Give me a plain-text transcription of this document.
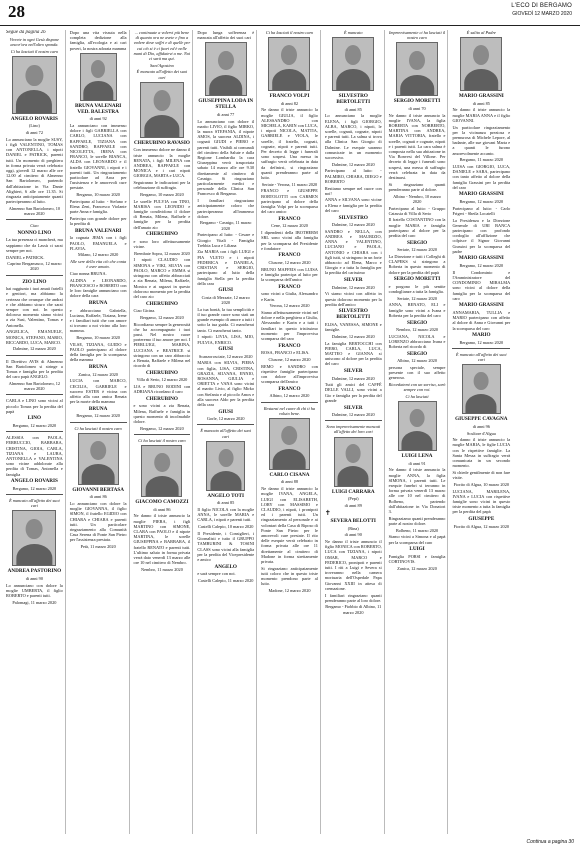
28	L'ECO DI BERGAMO
GIOVEDÌ 12 MARZO 2020

Segue da pagina 26

Vivrete in ogni Gesù dispone ancor'ora nell'altro sponda.

Ci ha lasciati il nostro caro

ANGELO ROVARIS

(Lino)

di anni 72

Lo annunciano la moglie SUSY, i figli VALENTINO, TOMAS con ANTONELLA, i nipoti DANIEL e PATRICK, parenti tutti. Un momento di preghiera in forma privata verrà celebrato oggi, giovedì 12 marzo alle ore 12.00 al cimitero di Almenno San Bartolomeo, partendo dall'abitazione in Via Dante Alighieri, 6 alle ore 11.35. Si ringrazia anticipatamente quanti parteciperanno al lutto.

Almenno San Bartolomeo, 10 marzo 2020

Ciao

NONNO LINO

La tua presenza ci mancherà, ma sappiamo che da Lassù ci sarai sempre per noi.

DANIEL e PATRICK.

Caprino Bergamasco, 12 marzo 2020

ZIO LINO

hai raggiunto i tuoi amati fratelli e genitori, ma abbiamo la certezza che ovunque che andrai e che abbiamo sicuro che sarai sempre con noi. In questo doloroso momento siamo vicini a zia Susi, Valentino, Tomas e Antonella.

ANGELICA, EMANUELE, MONICA, STEFANO, MARIO, RICCARDO, LUCA, MARCO.

Dalmine, 12 marzo 2020

Il Direttivo AVIS di Almenno San Bartolomeo si stringe a Tomas e famiglia per la perdita del caro papà ANGELO.

Almenno San Bartolomeo, 12 marzo 2020

CARLA e LINO sono vicini al piccolo Tomas per la perdita del papà

LINO

Bergamo, 12 marzo 2020

ALESSIA con PAOLA, FERRUCCIO, BARBARA, CRISTINA, GIOIA, CARLA, TIZIANA e LAURA, ANTONELLA e VALENTINA sono vicine addolorate alla perdita di Tomas, Antonella e famiglia

ANGELO ROVARIS

Bergamo, 12 marzo 2020

È mancato all'affetto dei suoi cari

ANDREA PASTORINO

di anni 90

Lo annunciano con dolore la moglie UMBERTA, il figlio ROBERTO e parenti tutti.

Palomagi, 11 marzo 2020

Dopo una vita vissuta nella completa dedizione alla famiglia, all'ecologia e ai cari poveri, la nostra adorata mamma

BRUNA VALENARI VED. BALESTRA

di anni 92

La annunciano con immenso dolore i figli GABRIELLA con CARLO, LUCIANA con RAFFAELE, TIZIANA con SANDRO, RAFFAELE con NICOLETTA, IRENA con FRANCO, le sorelle BIANCA, ALDA con LEONARDO e il fratello GIOVANNI, i nipoti e i parenti tutti. Un ringraziamento particolare ad Aroa per l'assistenza e le amorevoli cure prestate.

Bergamo, 10 marzo 2020

Partecipano al lutto: - Stefano e Elena Zeni, Francesco Violante parte Anna e famiglia.

Partecipa con grande dolore per la perdita di

BRUNA VALENARI

la cognata JEMA con i figli PAOLO, EMANUELA e FLAVIA.

Milano, 12 marzo 2020

Alle sere della vita ciò che conta è aver amato.

Ciao nonna BRUNA.

ALDINA e LEONARDO, FRANCESCO e ROBERTO con le loro famiglie annunciano con dolore della cara

BRUNA

e abbracciano Gabriella, Luciana, Raffaele, Tiziana, Irene e i familiari tutti che con amore si trovano a noi vicino alla loro mamma.

Bergamo, 10 marzo 2020

VILSE, TIZIANA, GUIDO e PAOLO partecipano al dolore della famiglia per la scomparsa della mamma

BRUNA

Zanica, 12 marzo 2020

LUCIA con MARCO, CECILIA, GABRIELE e suocero ESTER è vicina con affetto alla cara amica Renata per la morte della mamma

BRUNA

Bergamo, 12 marzo 2020

Ci ha lasciati il nostro caro

GIOVANNI BERTASA

di anni 86

Lo annunciano con dolore la moglie GIOVANNA, il figlio SIMON, il fratello EGIDIO con CHIARA e CHIARA e parenti tutti. Un particolare ringraziamento alla Comunità Casa Serena di Ponte San Pietro per l'assistenza prestata.

Petà, 11 marzo 2020

... continuate a volervi più bene di quanto ora ne avete e fino a vedere dove soffri e di quelle per cui ciò si è ci fuori ed è nelle mani di Dio, affidatevi a me. Noi ci sarà ma qui.

Sant'Agostino

È mancato all'affetto dei suoi cari

CHERUBINO RAVASIO

Con immenso dolore ne danno il triste annuncio la moglie RENATA, i figli MILENA con ANDREA, RAFFAELE con MONICA e i cari nipoti GIORGIA, MARTA e LUCA.

Seguiranno le indicazioni per la celebrazione di suffragio.

Bergamo, 10 marzo 2020

Le sorelle FULVIA con TINO, MARISA con LEONIDO e famiglie condividono il dolore di Renata, Milena, Raffaele e famiglie per la perdita dell'amato zio

CHERUBINO

e sono loro affettuosamente vicine.

Brembate Sopra, 12 marzo 2020

I nipoti CLAUDIO con SIMONA e VIKI, SILVIA con PAOLO, MARCO e EMMA si stringono con affetto abbracciati a zia Renata, Milena, Raffaele, Monica e ai ragazzi in questo doloroso momento per la perdita del caro zio

CHERUBINO

Ciao Gicina.

Bergamo, 12 marzo 2020

Ricordiamo sempre la generosità che ha accompagnato i tuoi passi. Nel nostro cuore porteremo il tuo amore per noi. I PIERLUIGI, MARINA, LUCIANA e BEATRICE si stringono con un caro abbraccio a Renata, Raffaele e Milena nel ricordo di

CHERUBINO

Villa di Serio, 12 marzo 2020

LIA e BRUNO RODINI con ADRIANA ricordano il caro

CHERUBINO

e sono vicini a zia Renata, Milena, Raffaele e famiglia in questo momento di incolmabile dolore.

Bergamo, 12 marzo 2020

Ci ha lasciati il nostro caro

GIACOMO CAMOZZI

di anni 86

Ne danno il triste annuncio la moglie PIERA, i figli MARTINO con SIMONE, CLARA con PAOLO e il nipote MARTINA, le sorelle GIUSEPPINA e BARBARA, il fratello RENATO e parenti tutti. L'ultimo saluto in forma privata verrà dato venerdì 13 marzo alle ore 10 nel cimitero di Nembro.

Nembro, 11 marzo 2020

Dopo lunga sofferenza è mancata all'affetto dei suoi cari

GIUSEPPINA LODA IN STELLA

di anni 77

Lo annunciano con dolore il marito LIVIO, il figlio MIRKO, la nuora STEFANIA, il nipote AMOS, la suocera ALDINA, i cognati GIUDI e PIERO e parenti tutti. Visibili ai comunali del cimitero della Salute e dalla Regione Lombardia la cara Giuseppina verrà trasportata sabato 14 marzo alle ore 9.30 direttamente al cimitero di Casnigo. Si ringraziano particolarmente medici e personale della Clinica San Francesco di Bergamo.

I familiari ringraziano anticipatamente coloro che parteciperanno all'immenso dolore.

Bergamo - Casnigo, 11 marzo 2020

Partecipano al lutto: - Cesare e Giorgio Vitali - Famiglia Trebbia Luca e Liliana

Zia MARIA con i figli LUIGI e PIA VLETO e i nipoti FEDERICA e DANIELA, CRISTIAN e SERGIO, partecipano al lutto della famiglia Stella per la perdita della cara

GIUSI

Costa di Mezzate, 12 marzo 2020

La tua bontà, la tua semplicità e il tuo grande cuore sono stati un grande esempio di amore a tutti i sotto la tua guida. Ci mancherai tanto. Ci mancherai tanto.

I nipoti: LIVIA, LISA, MIO, FULVIA, ENRICO.

GIUSI

Scanzorosciate, 12 marzo 2020

MARIA con SILVIA, PIERA con figlia, LISA, CRISTINA, GRAZIA, SILVANA, ENNIO, ROSANNA, GIULIA e ORIETTA e VANA sono vicini al marito Livio, al figlio Mirko con Stefania e al piccolo Amos e alla suocera Aldo per la perdita della cara

GIUSI

Gorle, 12 marzo 2020

È mancato all'affetto dei suoi cari

ANGELO TOTI

di anni 85

Il figlio NICOLA con la moglie ANNA, le sorelle MARIA e CARLA, i nipoti e parenti tutti.

Castelli Calepio, 10 marzo 2020

Il Presidente, i Consiglieri, i Giornalisti e tutto il GRUPPO TAMBURINI & TOSINI CLASS sono vicini alla famiglia per la perdita del Vicepresidente e amico

ANGELO

e sarà sempre con noi.

Castelli Calepio, 11 marzo 2020

Ci ha lasciati il nostro caro

FRANCO VOLPI

di anni 82

Ne danno il triste annuncio la moglie GIULIA, il figlio ALESSANDRO con MICHELA, KARIN con LUCA, i nipoti NICOLA, MATTIA, GABRIELE e VIOLA, le sorelle, il fratello, cognati, cognate, nipoti e parenti tutti. Per decreto di legge i funerali sono sospesi. Una messa in suffragio verrà celebrata in data da definirsi, si ringraziano quanti prenderanno parte al lutto.

Seriate - Verona, 11 marzo 2020

FRANCO e GIUSEPPE BORTOLOTTI con CARMEN partecipano al dolore della famiglia Volpi per la scomparsa del caro amico

FRANCO

Cene, 12 marzo 2020

I dipendenti della IBOTHERM SRL sono vicini alla famiglia per la scomparsa del Presidente e fondatore

FRANCO

Clusone, 12 marzo 2020

BRUNO MAFFEIS con LUISA e famiglia partecipa al lutto per la scomparsa dell'amico

FRANCO

sono vicini a Giulia, Alessandro e Karin.

Verona, 12 marzo 2020

Siamo affettuosamente vicini nel dolore e nella preghiera a Giulia, Alessandro e Karin e a tutti i familiari in questo tristissimo momento per l'improvvisa scomparsa del caro

FRANCO

ROSA, FRANCO e ELISA.

Clusone, 12 marzo 2020

REMO e SANDRO con rispettive famiglie partecipano con dolore all'improvvisa scomparsa dell'amico

FRANCO

Albino, 12 marzo 2020

Restarai nel cuore di chi ti ha voluto bene.

CARLO CISANA

di anni 88

Ne danno il triste annuncio la moglie IVANA, ANGELA, LUIGI con ELISABETH, LORY con MASSIMO e CLAUDIO, i nipoti, i pronipoti ed i parenti tutti. Un ringraziamento al personale e ai volontari della Casa di Riposo di Ponte San Pietro per le amorevoli cure prestate. Il rito delle esequie verrà celebrato in forma privata alle ore 11 direttamente al cimitero di Madone in forma strettamente privata.

Si ringraziano anticipatamente tutti coloro che in questo triste momento prendono parte al lutto.

Madone, 12 marzo 2020

È mancato

SILVESTRO BERTOLETTI

di anni 85

Lo annunciano la moglie ELENA, i figli GIORGIO, ALBA, MARCO, i nipoti, le sorelle, cognati, cognate, nipoti e parenti tutti. La salma si trova alla Clinica San Giorgio di Dalmine. Le esequie saranno comunicate in un momento successivo.

Dalmine, 12 marzo 2020

Partecipano al lutto: - PALMIRO, CHIARA, DIEGO e ROBERTO

Restiamo sempre nel cuore con noi!

ANNA e SILVANA sono vicine a Elena e famiglia per la perdita del caro

SILVESTRO

Dalmine, 12 marzo 2020

SANDRO e NELLA, con ANDREA e MAURIZIO, ANNA e VALENTINO, LUCIANO e PAOLA, ANTONIO e CHIARA con i figli tutti, si stringono in un forte abbraccio ad Elena, Marco e Giorgio e a tutta la famiglia per la perdita del carissimo

SILVER

Dalmine, 12 marzo 2020

Vi siamo vicini con affetto in questo doloroso momento per la perdita dell'amico

SILVESTRO BERTOLETTI

ELISA, VANESSA, SIMONE e famiglie.

Dalmine, 12 marzo 2020

La famiglia BERTOCCHI con PIERO, CARLA, LUCA, MATTEO e GIANNA si uniscono al dolore per la perdita del caro

SILVER

Dalmine, 12 marzo 2020

Tutti gli amici del CAFFÈ DELLE VALLI, sono vicini a Gio e famiglia per la perdita del grande

SILVER

Dalmine, 12 marzo 2020

Sono improvvisamente mancati all'affetto dei loro cari

LUIGI CARRARA

(Pepi)

di anni 89

✝

SEVERA BELOTTI

(Rina)

di anni 90

Ne danno il triste annuncio il figlio MONICA con ROBERTO, LUCA con TIZIANA, i nipoti OMAR, MARCO e FEDERICO, pronipoti e parenti tutti. I riti a Luigi e Severa si troveranno nella camera mortuaria dell'Ospedale Papa Giovanni XXIII in attesa di cremazione.

I familiari ringraziano quanti prenderanno parte al loro dolore.

Bergamo - Fiobbio di Albino, 11 marzo 2020

Improvvisamente ci ha lasciati il nostro caro

SERGIO MORETTI

di anni 70

Ne danno il triste annuncio la moglie IVANA, la figlia ROBERTA con NORBERTO, MARTINA con ANDREA, MARIA VITTORIA, fratello e sorelle, cognati e cognate, nipoti e i parenti tutti. La cara salma è composta nella sua abitazione in Via Bonvesi del Villone. Per decreto di legge i funerali sono sospesi, una messa di suffragio verrà celebrata in data da destinarsi.

Si ringraziano quanti prenderanno parte al dolore.

Albino - Nembro, 10 marzo 2020

Partecipano al lutto: - Gruppo Catassia di Villa di Serio

Il fratello COSTANTINO con la moglie MARIA e famiglia partecipano al dolore per la perdita del caro

SERGIO

Seriate, 12 marzo 2020

La Direzione e tutti i Colleghi di CLAPEKS si stringono a Roberta in questo momento di dolore per la perdita del papà

SERGIO MORETTI

e porgono le più sentite condoglianze a tutta la famiglia.

Seriate, 12 marzo 2020

ANNA, RENATO, ELI e famiglie sono vicini a Ivana e Roberta per la perdita del caro

SERGIO

Nembro, 12 marzo 2020

LUCIANA, NICOLA e LORENZO abbracciano Ivana e Roberta nel ricordo di

SERGIO

Albino, 12 marzo 2020

persona speciale, sempre presente con il suo affetto generoso.

Ricordatemi con un sorriso, sarò sempre con voi.

Ci ha lasciati

LUIGI LENA

di anni 91

Ne danno il triste annuncio la moglie ANNA, la figlia SIMONA, i parenti tutti. Le esequie funebri si terranno in forma privata venerdì 13 marzo alle ore 10 nel cimitero di Bolbeno, partendo dall'abitazione in Via Donatori 3.

Ringraziamo quanti prenderanno parte al nostro dolore.

Bolbeno, 11 marzo 2020

Siamo vicini a Simona e al papà per la scomparsa del caro

LUIGI

Famiglia PORSI e famiglia CORTINOVIS.

Zanica, 12 marzo 2020

È salito al Padre

MARIO GRASSINI

di anni 85

Ne danno il triste annuncio la moglie MARIA ANNA e il figlio GIOVANNI.

Un particolare ringraziamento per la vicinanza preziosa e premurosa di Michele Lepore, al badante, alle sue giovani Marta e a quanti le furono amorevolmente accanto.

Bergamo, 11 marzo 2020

LUISA con GIORGIO, LUCA, DANIELE e SARA, partecipano con tanto affetto al dolore della famiglia Grassini per la perdita del caro

MARIO GRASSINI

Bergamo, 12 marzo 2020

Partecipano al lutto: - Carlo Frigeri - Sheila Locatelli

La Presidenza e la Direzione Generale di UBI BANCA partecipano con profondo cordoglio all'afflizione che colpisce il Signor Giovanni Grassini per la scomparsa del padre

MARIO GRASSINI

Bergamo, 12 marzo 2020

Il Condominio e l'Amministratore del CONDOMINIO MIRALMA sono vicini al dolore della famiglia per la scomparsa del caro

MARIO GRASSINI

ANNAMARIA, TULLIA e MARIO partecipano con affetto al dolore di Anna e Giovanni per la scomparsa del caro

MARIO

Bergamo, 12 marzo 2020

È mancato all'affetto dei suoi cari

GIUSEPPE CAVAGNA

di anni 96

Scultore d'Algua

Ne danno il triste annuncio la moglie MARIA, le figlie LUCIA con le rispettive famiglie. La Santa Messa in suffragio verrà comunicata in un secondo momento.

Si chiede gentilmente di non fare visite.

Fiorito di Algua, 10 marzo 2020

LUCIANA, MARILENA, IVANA e LUCIA con rispettive famiglie sono vicini in questo triste momento a tutta la famiglia per la perdita del papà

GIUSEPPE

Fiorito di Algua, 12 marzo 2020

Continua a pagina 30
